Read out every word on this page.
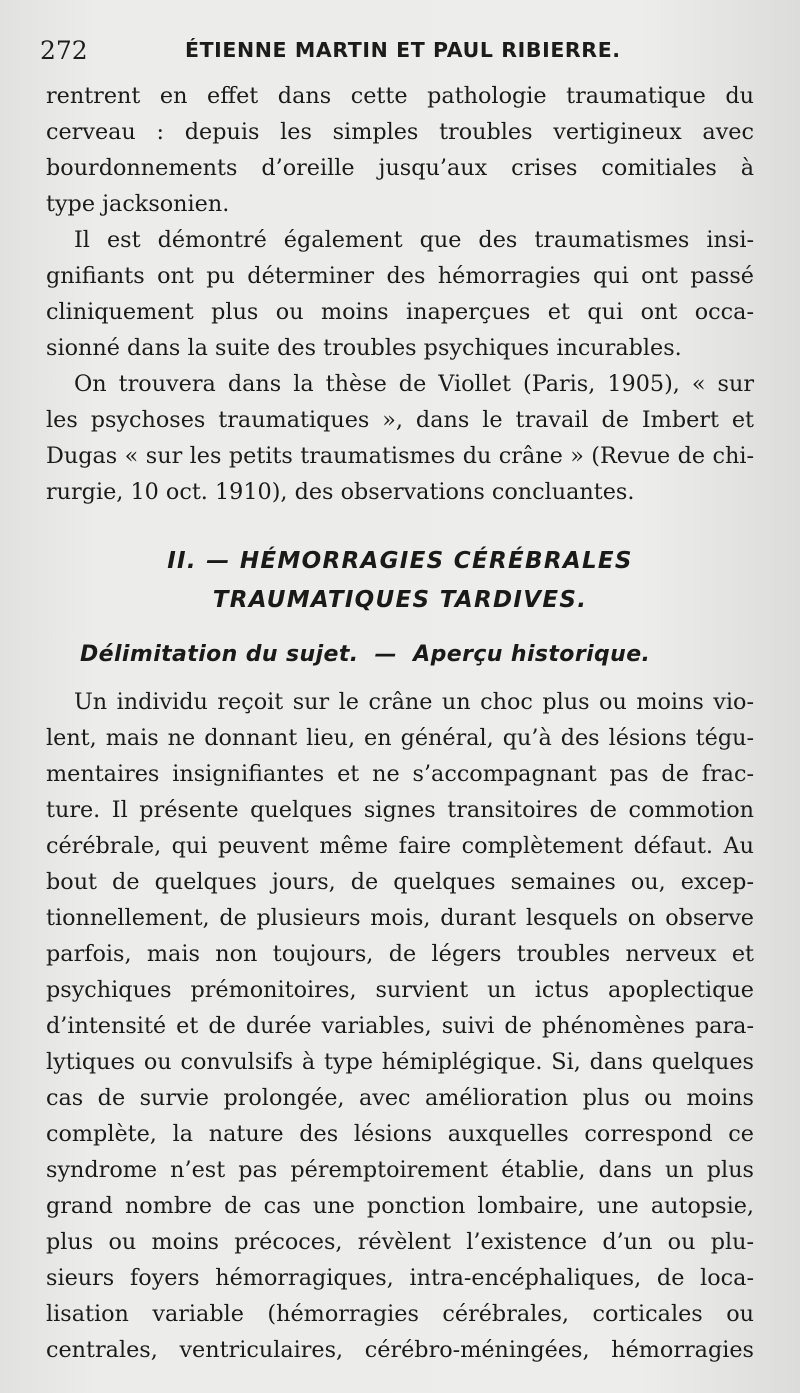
272	ÉTIENNE MARTIN ET PAUL RIBIERRE.
rentrent en effet dans cette pathologie traumatique du
cerveau : depuis les simples troubles vertigineux avec
bourdonnements d’oreille jusqu’aux crises comitiales à
type jacksonien.
Il est démontré également que des traumatismes insi-
gnifiants ont pu déterminer des hémorragies qui ont passé
cliniquement plus ou moins inaperçues et qui ont occa-
sionné dans la suite des troubles psychiques incurables.
On trouvera dans la thèse de Viollet (Paris, 1905), « sur
les psychoses traumatiques », dans le travail de Imbert et
Dugas « sur les petits traumatismes du crâne » (Revue de chi-
rurgie, 10 oct. 1910), des observations concluantes.
II. — HÉMORRAGIES CÉRÉBRALES
TRAUMATIQUES TARDIVES.
Délimitation du sujet.  —  Aperçu historique.
Un individu reçoit sur le crâne un choc plus ou moins vio-
lent, mais ne donnant lieu, en général, qu’à des lésions tégu-
mentaires insignifiantes et ne s’accompagnant pas de frac-
ture. Il présente quelques signes transitoires de commotion
cérébrale, qui peuvent même faire complètement défaut. Au
bout de quelques jours, de quelques semaines ou, excep-
tionnellement, de plusieurs mois, durant lesquels on observe
parfois, mais non toujours, de légers troubles nerveux et
psychiques prémonitoires, survient un ictus apoplectique
d’intensité et de durée variables, suivi de phénomènes para-
lytiques ou convulsifs à type hémiplégique. Si, dans quelques
cas de survie prolongée, avec amélioration plus ou moins
complète, la nature des lésions auxquelles correspond ce
syndrome n’est pas péremptoirement établie, dans un plus
grand nombre de cas une ponction lombaire, une autopsie,
plus ou moins précoces, révèlent l’existence d’un ou plu-
sieurs foyers hémorragiques, intra-encéphaliques, de loca-
lisation variable (hémorragies cérébrales, corticales ou
centrales, ventriculaires, cérébro-méningées, hémorragies
